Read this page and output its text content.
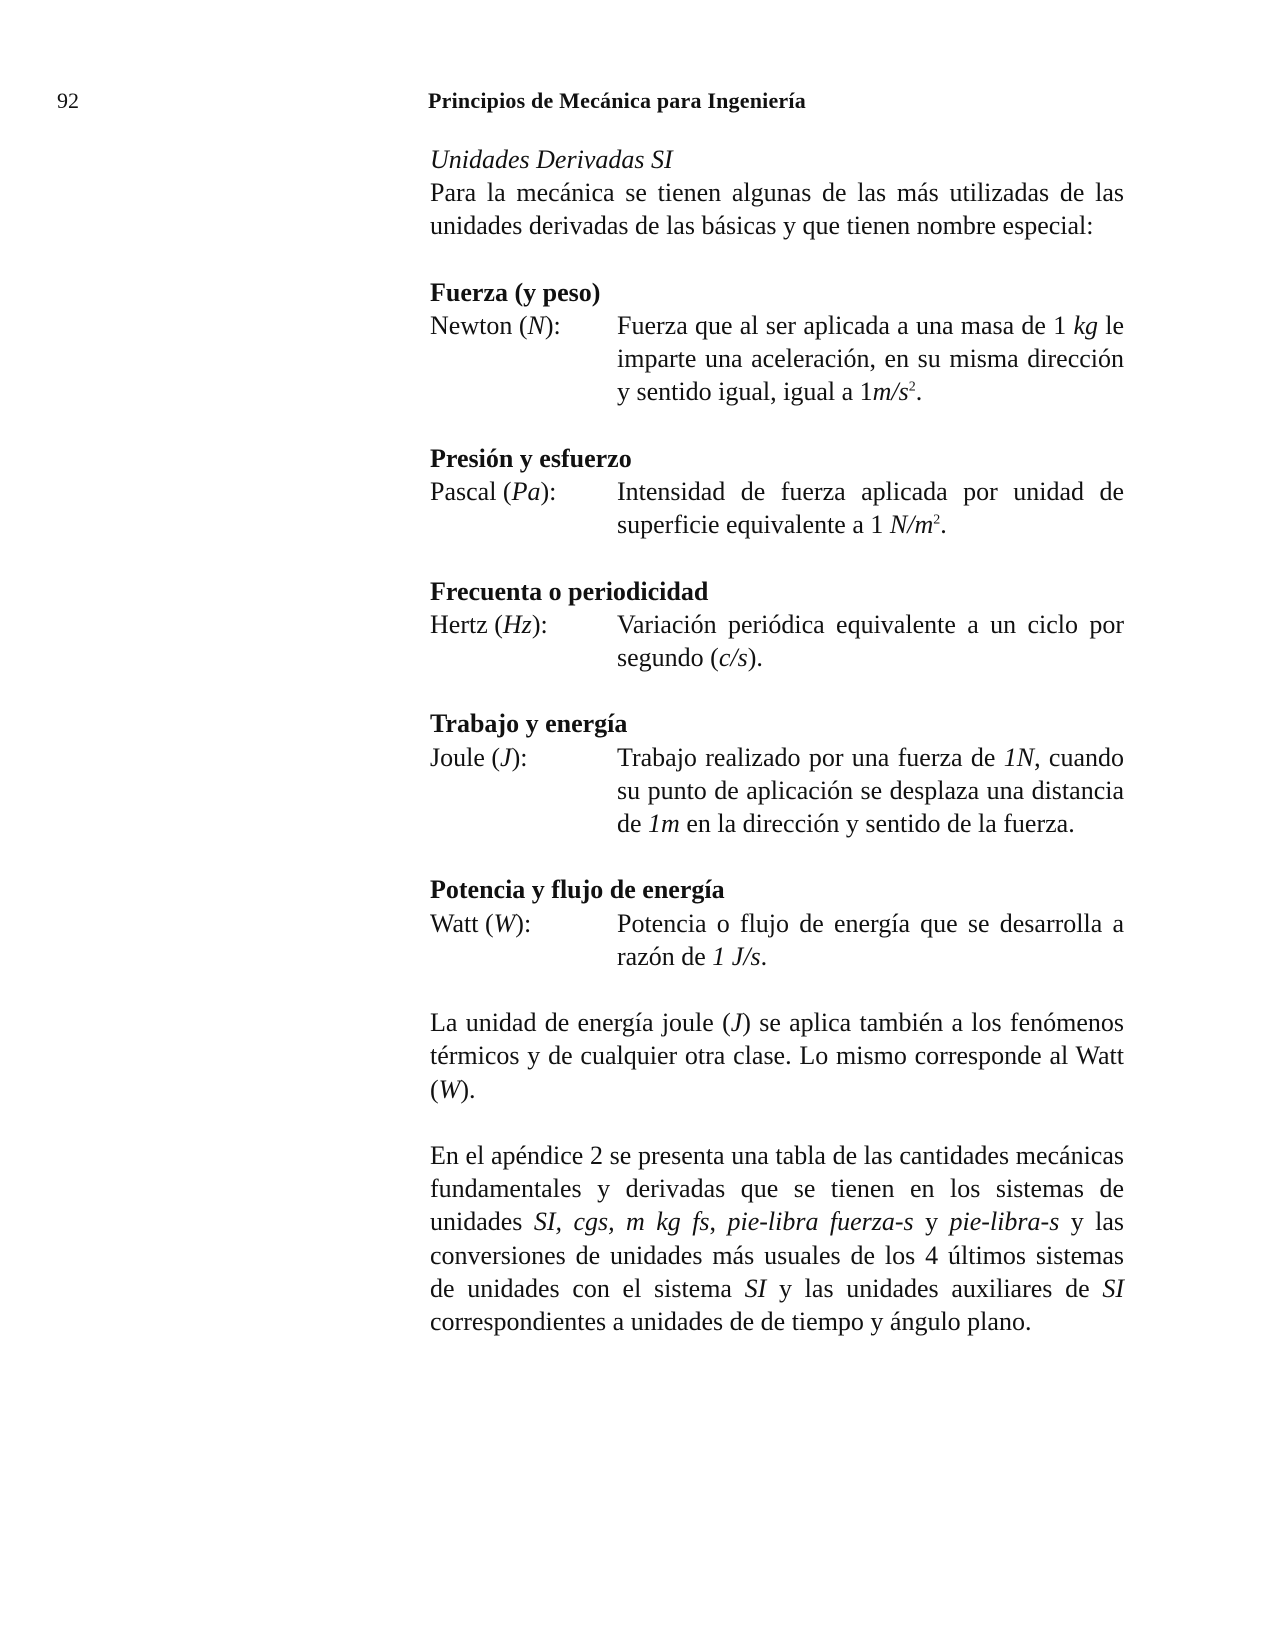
92	Principios de Mecánica para Ingeniería
Unidades Derivadas SI

Para la mecánica se tienen algunas de las más utilizadas de las unidades derivadas de las básicas y que tienen nombre especial:

Fuerza (y peso)

Newton (N):	Fuerza que al ser aplicada a una masa de 1 kg le imparte una aceleración, en su misma dirección y sentido igual, igual a $1m/s^2$.

Presión y esfuerzo

Pascal (Pa):	Intensidad de fuerza aplicada por unidad de superficie equivalente a 1 $N/m^2$.

Frecuenta o periodicidad

Hertz (Hz):	Variación periódica equivalente a un ciclo por segundo (c/s).

Trabajo y energía

Joule (J):	Trabajo realizado por una fuerza de 1N, cuando su punto de aplicación se desplaza una distancia de 1m en la dirección y sentido de la fuerza.

Potencia y flujo de energía

Watt (W):	Potencia o flujo de energía que se desarrolla a razón de 1 J/s.

La unidad de energía joule (J) se aplica también a los fenómenos térmicos y de cualquier otra clase. Lo mismo corresponde al Watt (W).

En el apéndice 2 se presenta una tabla de las cantidades mecánicas fundamentales y derivadas que se tienen en los sistemas de unidades SI, cgs, m kg fs, pie-libra fuerza-s y pie-libra-s y las conversiones de unidades más usuales de los 4 últimos sistemas de unidades con el sistema SI y las unidades auxiliares de SI correspondientes a unidades de de tiempo y ángulo plano.
